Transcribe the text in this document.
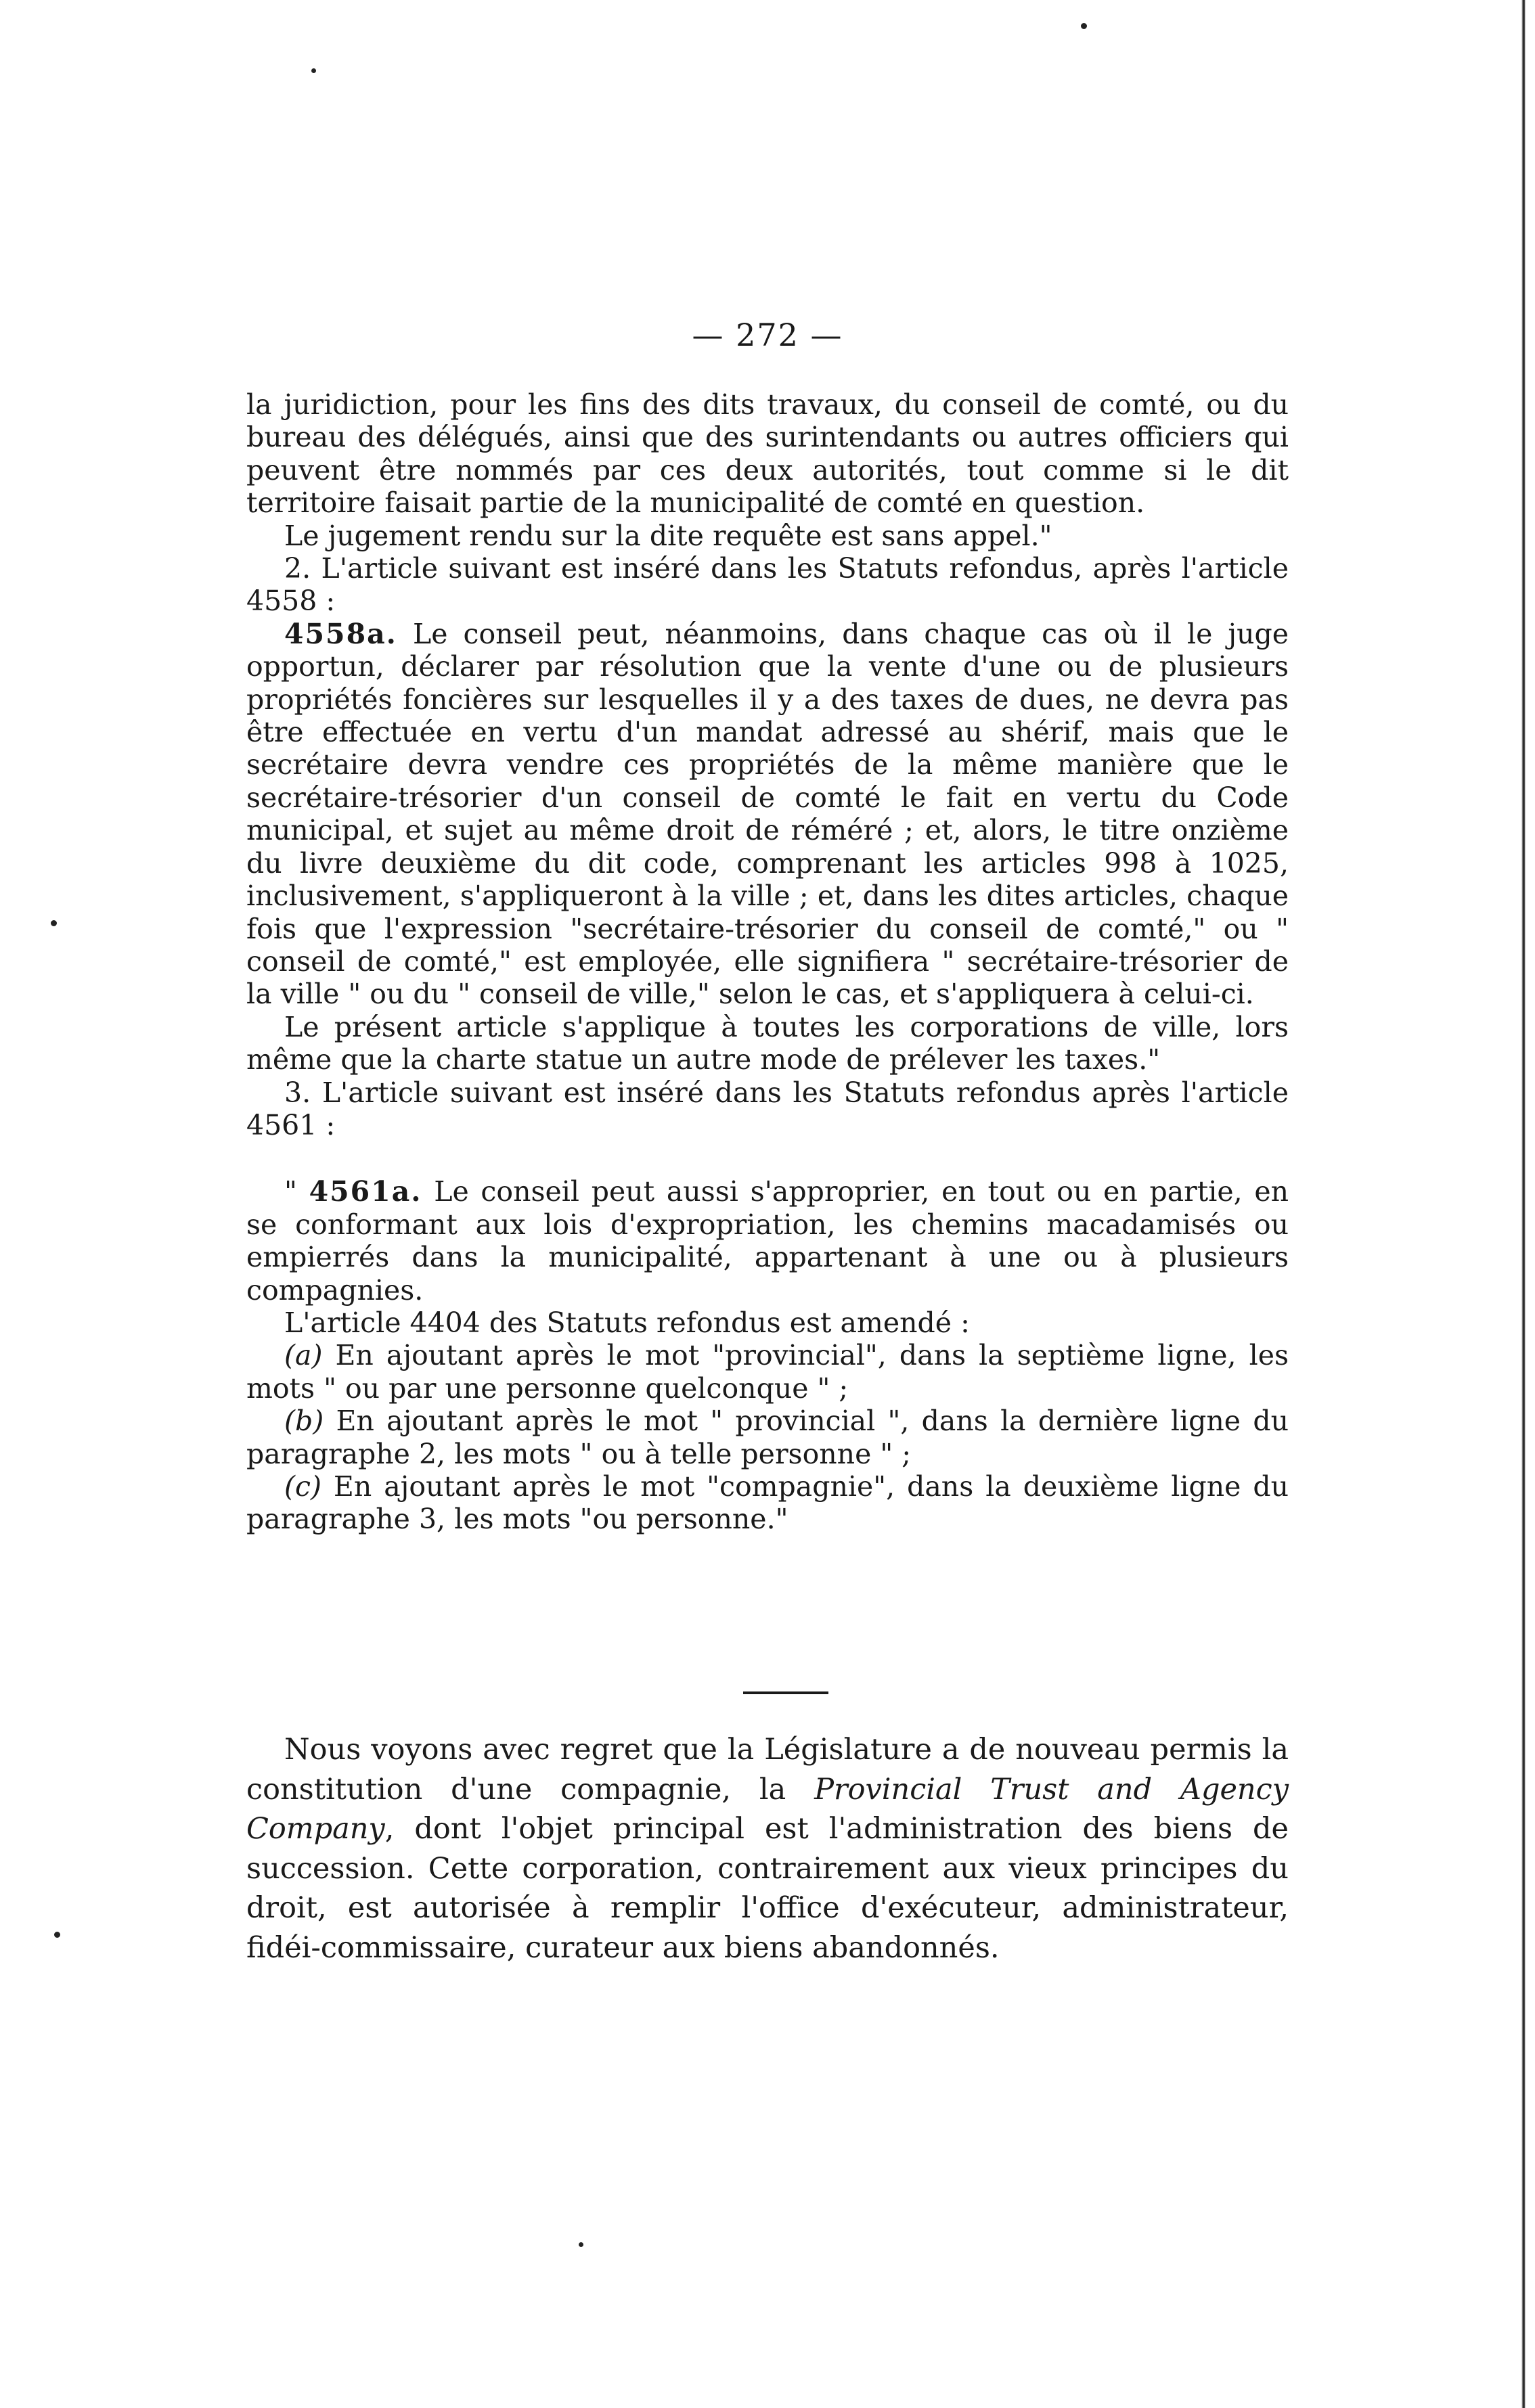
— 272 —

la juridiction, pour les fins des dits travaux, du conseil de comté, ou du bureau des délégués, ainsi que des surintendants ou autres officiers qui peuvent être nommés par ces deux autorités, tout comme si le dit territoire faisait partie de la municipalité de comté en question.

Le jugement rendu sur la dite requête est sans appel."

2. L'article suivant est inséré dans les Statuts refondus, après l'article 4558 :

4558a. Le conseil peut, néanmoins, dans chaque cas où il le juge opportun, déclarer par résolution que la vente d'une ou de plusieurs propriétés foncières sur lesquelles il y a des taxes de dues, ne devra pas être effectuée en vertu d'un mandat adressé au shérif, mais que le secrétaire devra vendre ces propriétés de la même manière que le secrétaire-trésorier d'un conseil de comté le fait en vertu du Code municipal, et sujet au même droit de réméré ; et, alors, le titre onzième du livre deuxième du dit code, comprenant les articles 998 à 1025, inclusivement, s'appliqueront à la ville ; et, dans les dites articles, chaque fois que l'expression "secrétaire-trésorier du conseil de comté," ou " conseil de comté," est employée, elle signifiera " secrétaire-trésorier de la ville " ou du " conseil de ville," selon le cas, et s'appliquera à celui-ci.

Le présent article s'applique à toutes les corporations de ville, lors même que la charte statue un autre mode de prélever les taxes."

3. L'article suivant est inséré dans les Statuts refondus après l'article 4561 :

" 4561a. Le conseil peut aussi s'approprier, en tout ou en partie, en se conformant aux lois d'expropriation, les chemins macadamisés ou empierrés dans la municipalité, appartenant à une ou à plusieurs compagnies.

L'article 4404 des Statuts refondus est amendé :

(a) En ajoutant après le mot "provincial", dans la septième ligne, les mots " ou par une personne quelconque " ;

(b) En ajoutant après le mot " provincial ", dans la dernière ligne du paragraphe 2, les mots " ou à telle personne " ;

(c) En ajoutant après le mot "compagnie", dans la deuxième ligne du paragraphe 3, les mots "ou personne."

Nous voyons avec regret que la Législature a de nouveau permis la constitution d'une compagnie, la Provincial Trust and Agency Company, dont l'objet principal est l'administration des biens de succession. Cette corporation, contrairement aux vieux principes du droit, est autorisée à remplir l'office d'exécuteur, administrateur, fidéi-commissaire, curateur aux biens abandonnés.
